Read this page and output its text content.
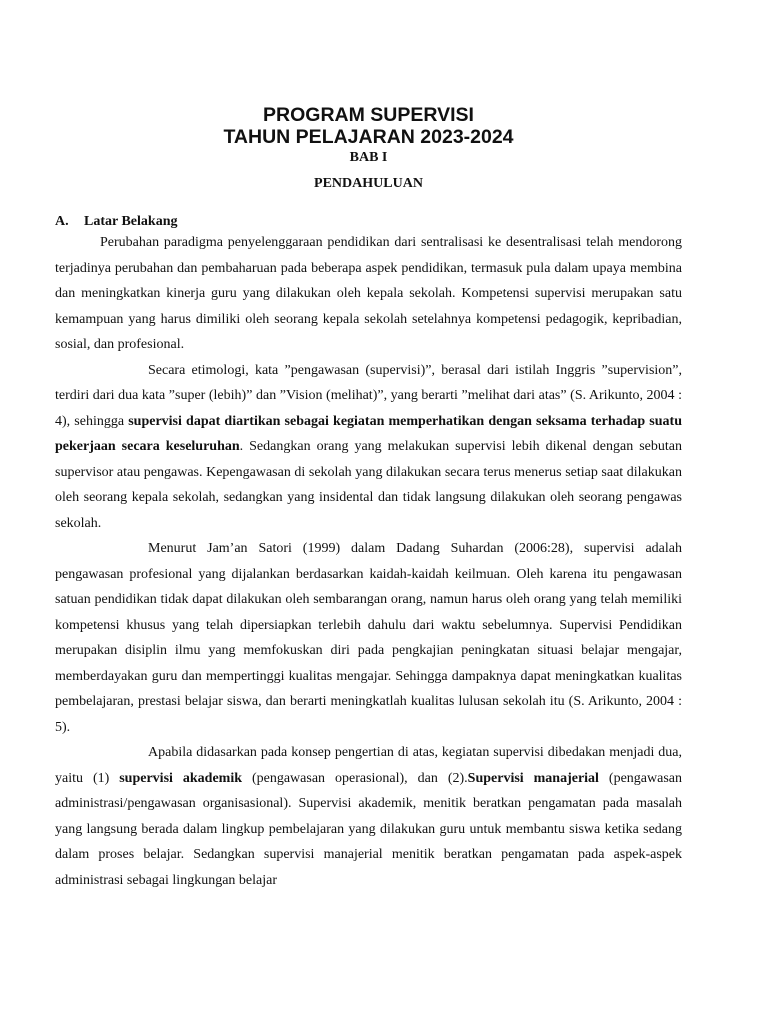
PROGRAM SUPERVISI
TAHUN PELAJARAN 2023-2024
BAB I
PENDAHULUAN
A. Latar Belakang

Perubahan paradigma penyelenggaraan pendidikan dari sentralisasi ke desentralisasi telah mendorong terjadinya perubahan dan pembaharuan pada beberapa aspek pendidikan, termasuk pula dalam upaya membina dan meningkatkan kinerja guru yang dilakukan oleh kepala sekolah. Kompetensi supervisi merupakan satu kemampuan yang harus dimiliki oleh seorang kepala sekolah setelahnya kompetensi pedagogik, kepribadian, sosial, dan profesional.

Secara etimologi, kata ”pengawasan (supervisi)”, berasal dari istilah Inggris ”supervision”, terdiri dari dua kata ”super (lebih)” dan ”Vision (melihat)”, yang berarti ”melihat dari atas” (S. Arikunto, 2004 : 4), sehingga supervisi dapat diartikan sebagai kegiatan memperhatikan dengan seksama terhadap suatu pekerjaan secara keseluruhan. Sedangkan orang yang melakukan supervisi lebih dikenal dengan sebutan supervisor atau pengawas. Kepengawasan di sekolah yang dilakukan secara terus menerus setiap saat dilakukan oleh seorang kepala sekolah, sedangkan yang insidental dan tidak langsung dilakukan oleh seorang pengawas sekolah.

Menurut Jam’an Satori (1999) dalam Dadang Suhardan (2006:28), supervisi adalah pengawasan profesional yang dijalankan berdasarkan kaidah-kaidah keilmuan. Oleh karena itu pengawasan satuan pendidikan tidak dapat dilakukan oleh sembarangan orang, namun harus oleh orang yang telah memiliki kompetensi khusus yang telah dipersiapkan terlebih dahulu dari waktu sebelumnya. Supervisi Pendidikan merupakan disiplin ilmu yang memfokuskan diri pada pengkajian peningkatan situasi belajar mengajar, memberdayakan guru dan mempertinggi kualitas mengajar. Sehingga dampaknya dapat meningkatkan kualitas pembelajaran, prestasi belajar siswa, dan berarti meningkatlah kualitas lulusan sekolah itu (S. Arikunto, 2004 : 5).

Apabila didasarkan pada konsep pengertian di atas, kegiatan supervisi dibedakan menjadi dua, yaitu (1) supervisi akademik (pengawasan operasional), dan (2).Supervisi manajerial (pengawasan administrasi/pengawasan organisasional). Supervisi akademik, menitik beratkan pengamatan pada masalah yang langsung berada dalam lingkup pembelajaran yang dilakukan guru untuk membantu siswa ketika sedang dalam proses belajar. Sedangkan supervisi manajerial menitik beratkan pengamatan pada aspek-aspek administrasi sebagai lingkungan belajar
